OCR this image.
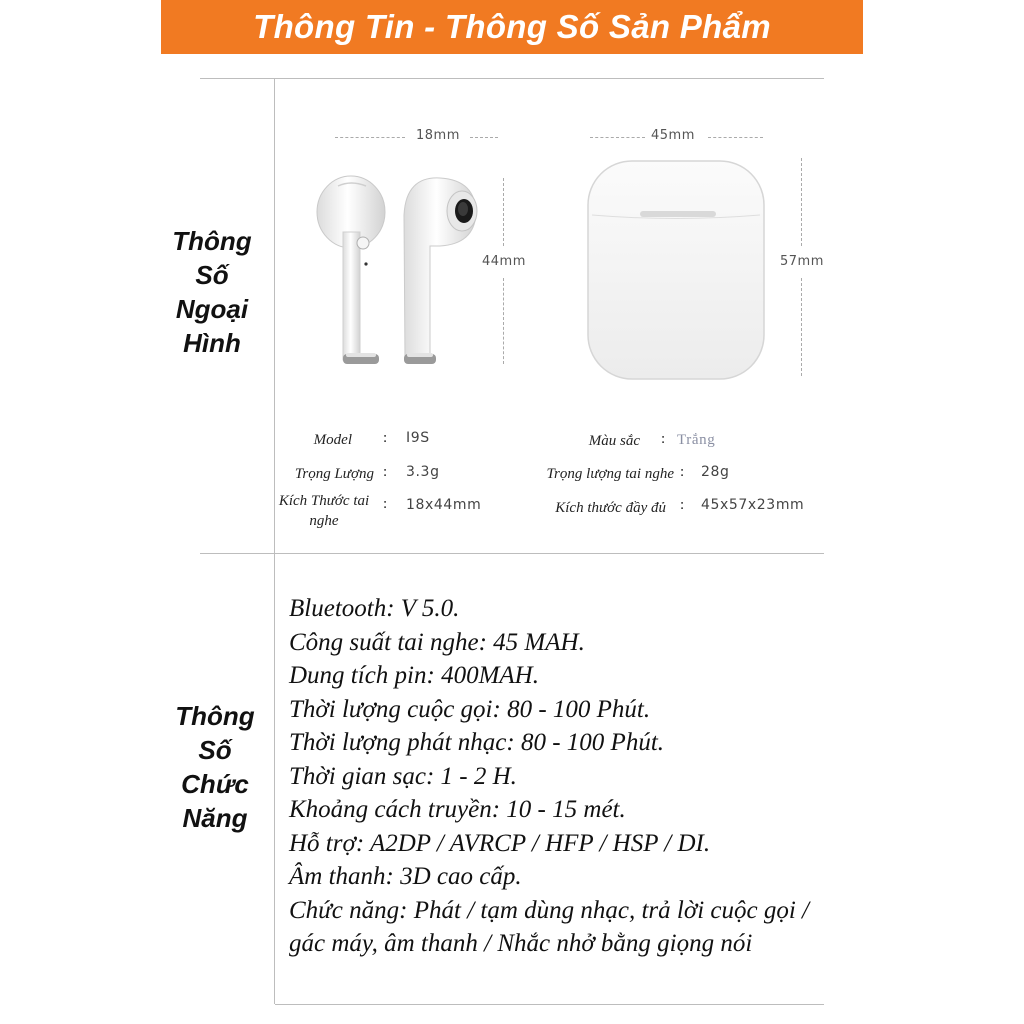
Thông Tin - Thông Số Sản Phẩm
Thông
Số
Ngoại
Hình
Thông
Số
Chức
Năng
18mm
44mm
45mm
57mm
Model : I9S
Trọng Lượng : 3.3g
Kích Thước tai nghe
: 18x44mm
Màu sắc : Trắng
Trọng lượng tai nghe : 28g
Kích thước đầy đủ : 45x57x23mm
Bluetooth: V 5.0.
Công suất tai nghe: 45 MAH.
Dung tích pin: 400MAH.
Thời lượng cuộc gọi: 80 - 100 Phút.
Thời lượng phát nhạc: 80 - 100 Phút.
Thời gian sạc: 1 - 2 H.
Khoảng cách truyền: 10 - 15 mét.
Hỗ trợ: A2DP / AVRCP / HFP / HSP / DI.
Âm thanh: 3D cao cấp.
Chức năng: Phát / tạm dùng nhạc, trả lời cuộc gọi /
gác máy, âm thanh / Nhắc nhở bằng giọng nói
